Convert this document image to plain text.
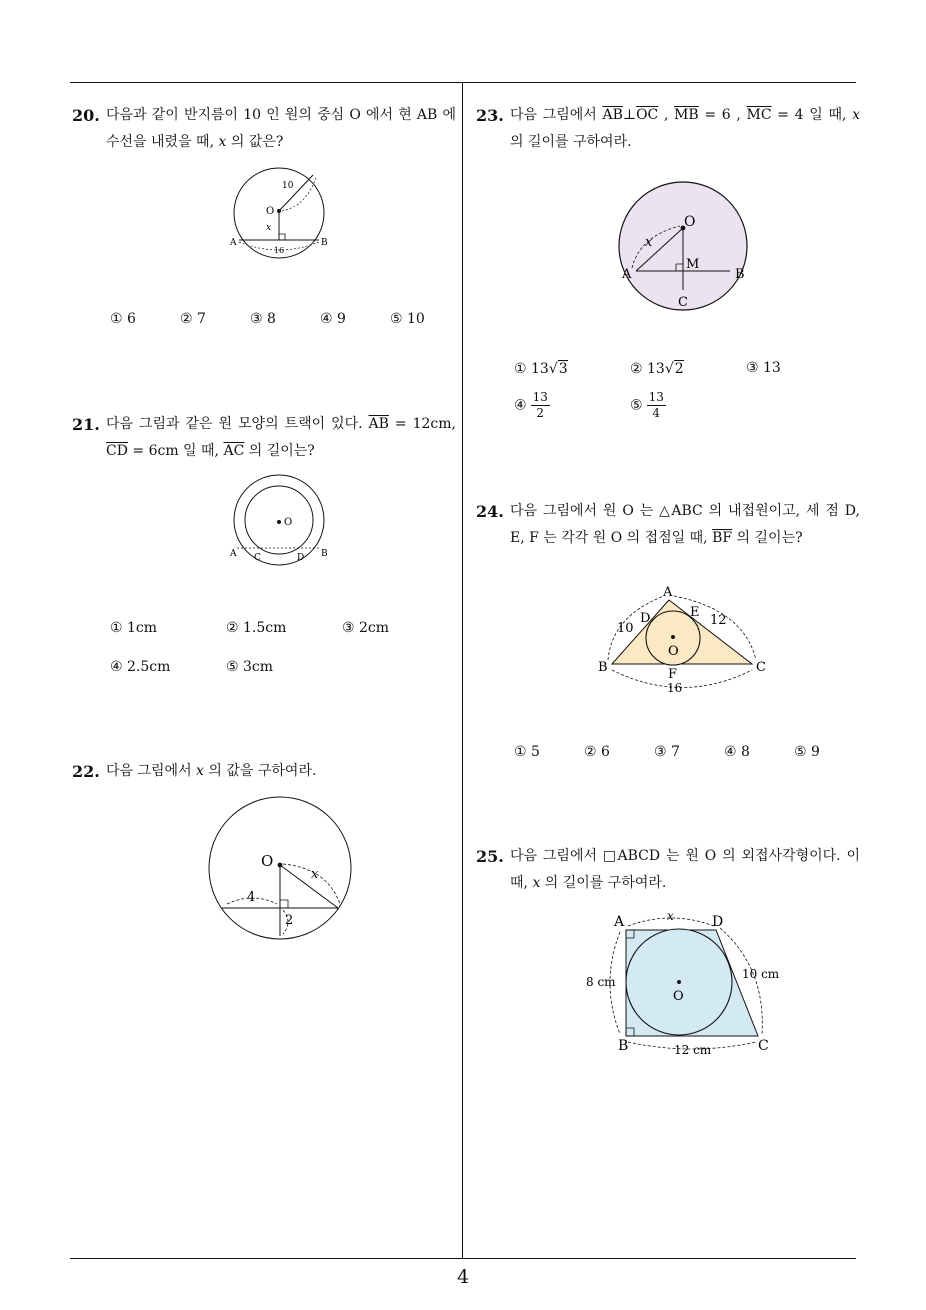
20. 다음과 같이 반지름이 10 인 원의 중심 O 에서 현 AB 에 수선을 내렸을 때, x 의 값은?
10
O
x
A	B
16
① 6	② 7	③ 8	④ 9	⑤ 10
21. 다음 그림과 같은 원 모양의 트랙이 있다. $\overline{AB} = 12cm$, $\overline{CD} = 6cm$ 일 때, $\overline{AC}$ 의 길이는?
O
A C	D B
① 1cm	② 1.5cm	③ 2cm
④ 2.5cm	⑤ 3cm
22. 다음 그림에서 x 의 값을 구하여라.
O
x
4
2
23. 다음 그림에서 $\overline{AB}\perp\overline{OC}$ , $\overline{MB} = 6$ , $\overline{MC} = 4$ 일 때, x 의 길이를 구하여라.
O
x
A
M
B
C
① 13√3	② 13√2	③ 13
④ $\frac{13}{2}$	⑤ $\frac{13}{4}$
24. 다음 그림에서 원 O 는 △ABC 의 내접원이고, 세 점 D, E, F 는 각각 원 O 의 접점일 때, $\overline{BF}$ 의 길이는?
A
D	E
10
12
O
B	C
F
16
① 5	② 6	③ 7	④ 8	⑤ 9
25. 다음 그림에서 □ABCD 는 원 O 의 외접사각형이다. 이 때, x 의 길이를 구하여라.
A	x	D
8 cm
10 cm
O
B	12 cm	C
4
